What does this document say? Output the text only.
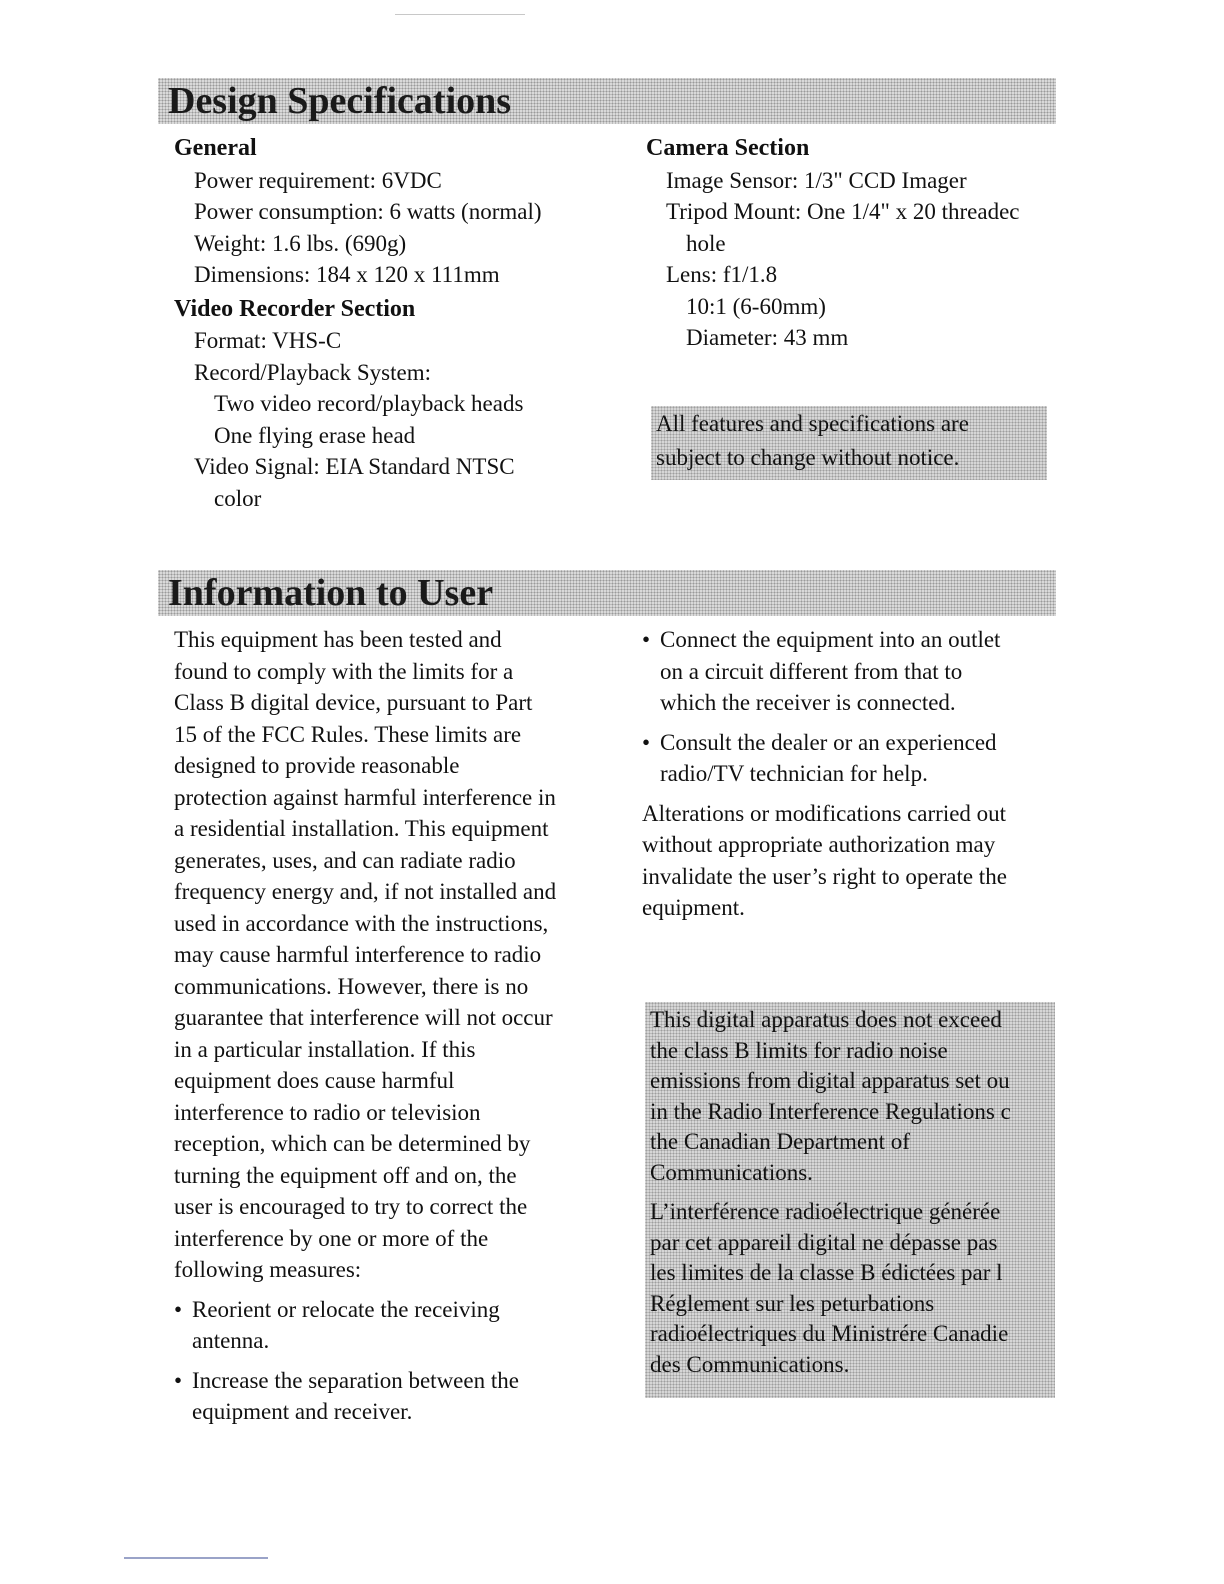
Design Specifications
General
Power requirement: 6VDC
Power consumption: 6 watts (normal)
Weight: 1.6 lbs. (690g)
Dimensions: 184 x 120 x 111mm
Video Recorder Section
Format: VHS-C
Record/Playback System:
Two video record/playback heads
One flying erase head
Video Signal: EIA Standard NTSC
color
Camera Section
Image Sensor: 1/3" CCD Imager
Tripod Mount: One 1/4" x 20 threadec
hole
Lens: f1/1.8
10:1 (6-60mm)
Diameter: 43 mm
All features and specifications are
subject to change without notice.
Information to User
This equipment has been tested and
found to comply with the limits for a
Class B digital device, pursuant to Part
15 of the FCC Rules. These limits are
designed to provide reasonable
protection against harmful interference in
a residential installation. This equipment
generates, uses, and can radiate radio
frequency energy and, if not installed and
used in accordance with the instructions,
may cause harmful interference to radio
communications. However, there is no
guarantee that interference will not occur
in a particular installation. If this
equipment does cause harmful
interference to radio or television
reception, which can be determined by
turning the equipment off and on, the
user is encouraged to try to correct the
interference by one or more of the
following measures:
• Reorient or relocate the receiving
antenna.
• Increase the separation between the
equipment and receiver.
• Connect the equipment into an outlet
on a circuit different from that to
which the receiver is connected.
• Consult the dealer or an experienced
radio/TV technician for help.
Alterations or modifications carried out
without appropriate authorization may
invalidate the user’s right to operate the
equipment.
This digital apparatus does not exceed
the class B limits for radio noise
emissions from digital apparatus set ou
in the Radio Interference Regulations c
the Canadian Department of
Communications.
L’interférence radioélectrique générée
par cet appareil digital ne dépasse pas
les limites de la classe B édictées par l
Réglement sur les peturbations
radioélectriques du Ministrére Canadie
des Communications.
